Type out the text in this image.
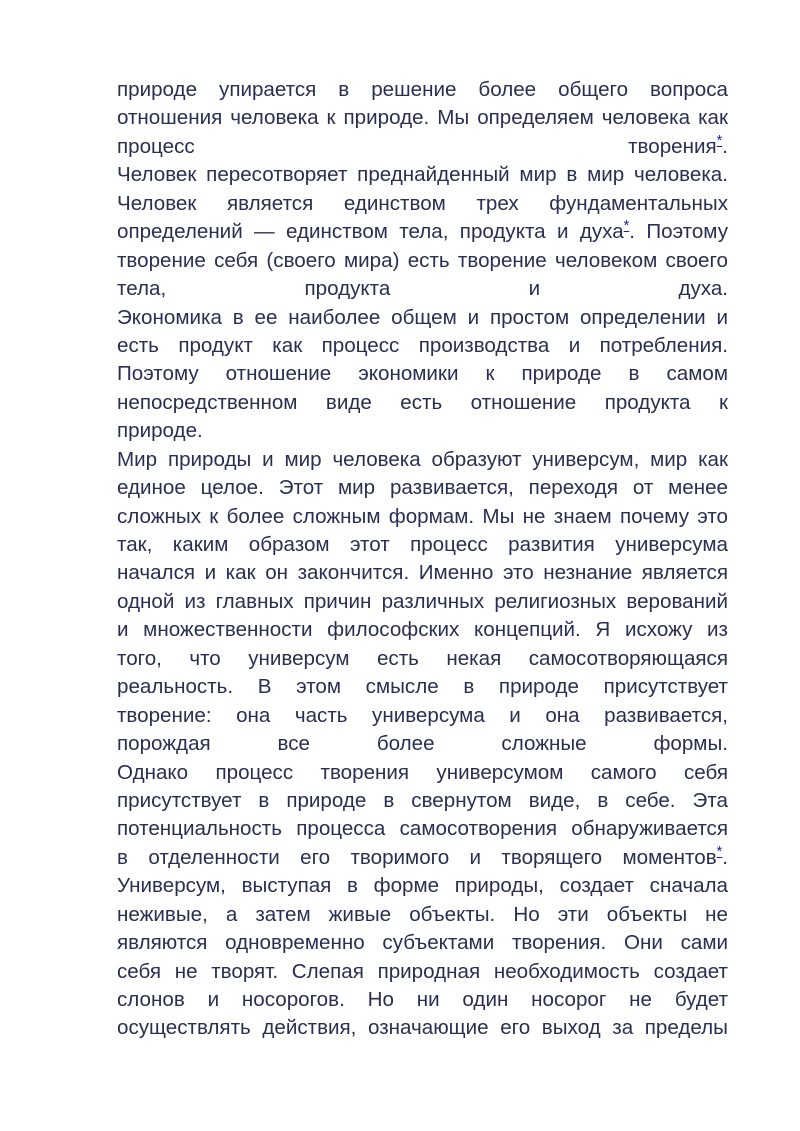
природе упирается в решение более общего вопроса
отношения человека к природе. Мы определяем человека как
процесс творения*.
Человек пересотворяет преднайденный мир в мир человека.
Человек является единством трех фундаментальных
определений — единством тела, продукта и духа*. Поэтому
творение себя (своего мира) есть творение человеком своего
тела, продукта и духа.
Экономика в ее наиболее общем и простом определении и
есть продукт как процесс производства и потребления.
Поэтому отношение экономики к природе в самом
непосредственном виде есть отношение продукта к
природе.
Мир природы и мир человека образуют универсум, мир как
единое целое. Этот мир развивается, переходя от менее
сложных к более сложным формам. Мы не знаем почему это
так, каким образом этот процесс развития универсума
начался и как он закончится. Именно это незнание является
одной из главных причин различных религиозных верований
и множественности философских концепций. Я исхожу из
того, что универсум есть некая самосотворяющаяся
реальность. В этом смысле в природе присутствует
творение: она часть универсума и она развивается,
порождая все более сложные формы.
Однако процесс творения универсумом самого себя
присутствует в природе в свернутом виде, в себе. Эта
потенциальность процесса самосотворения обнаруживается
в отделенности его творимого и творящего моментов*.
Универсум, выступая в форме природы, создает сначала
неживые, а затем живые объекты. Но эти объекты не
являются одновременно субъектами творения. Они сами
себя не творят. Слепая природная необходимость создает
слонов и носорогов. Но ни один носорог не будет
осуществлять действия, означающие его выход за пределы
